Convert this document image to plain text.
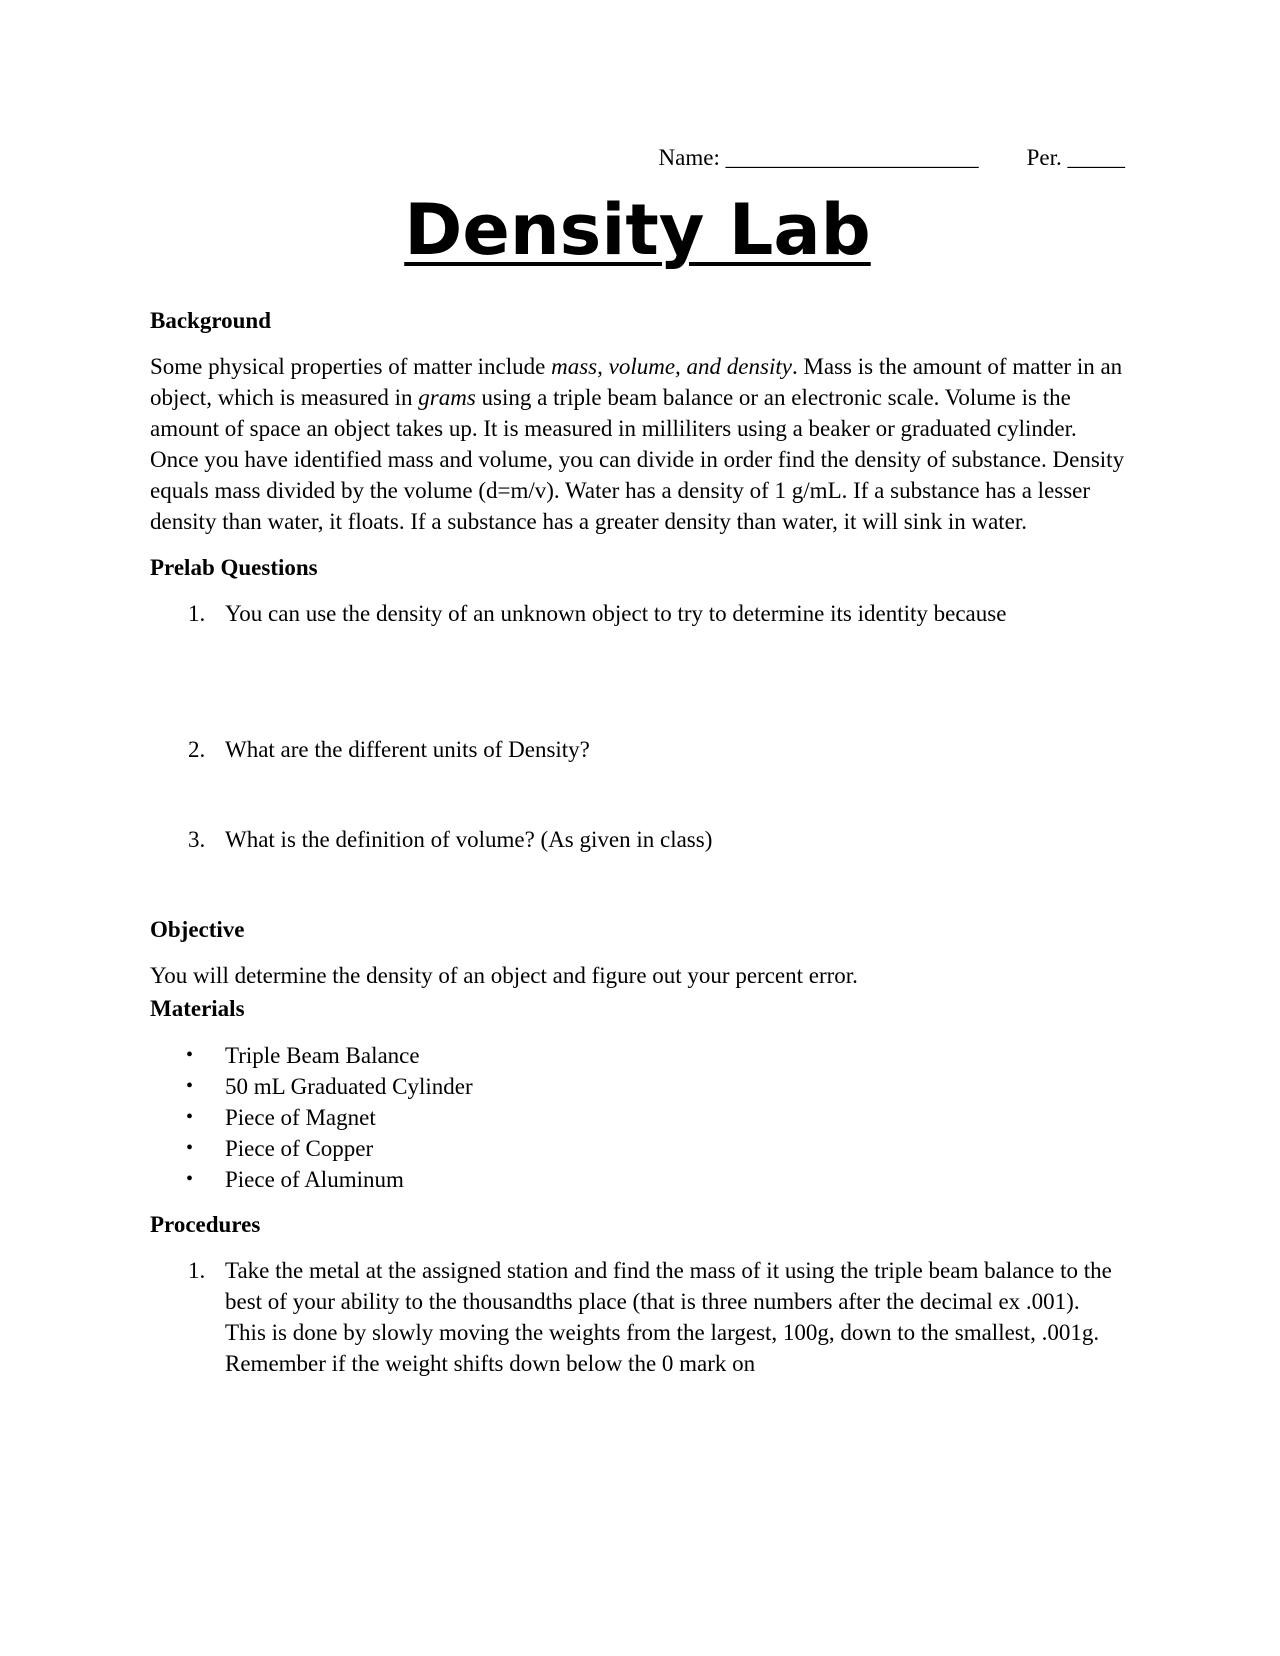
Name: ______________________ Per. _____
Density Lab

Background

Some physical properties of matter include mass, volume, and density. Mass is the amount of matter in an object, which is measured in grams using a triple beam balance or an electronic scale. Volume is the amount of space an object takes up. It is measured in milliliters using a beaker or graduated cylinder. Once you have identified mass and volume, you can divide in order find the density of substance. Density equals mass divided by the volume (d=m/v). Water has a density of 1 g/mL. If a substance has a lesser density than water, it floats. If a substance has a greater density than water, it will sink in water.

Prelab Questions

1. You can use the density of an unknown object to try to determine its identity because
2. What are the different units of Density?
3. What is the definition of volume? (As given in class)

Objective

You will determine the density of an object and figure out your percent error.

Materials

• Triple Beam Balance
• 50 mL Graduated Cylinder
• Piece of Magnet
• Piece of Copper
• Piece of Aluminum

Procedures

1. Take the metal at the assigned station and find the mass of it using the triple beam balance to the best of your ability to the thousandths place (that is three numbers after the decimal ex .001). This is done by slowly moving the weights from the largest, 100g, down to the smallest, .001g. Remember if the weight shifts down below the 0 mark on
